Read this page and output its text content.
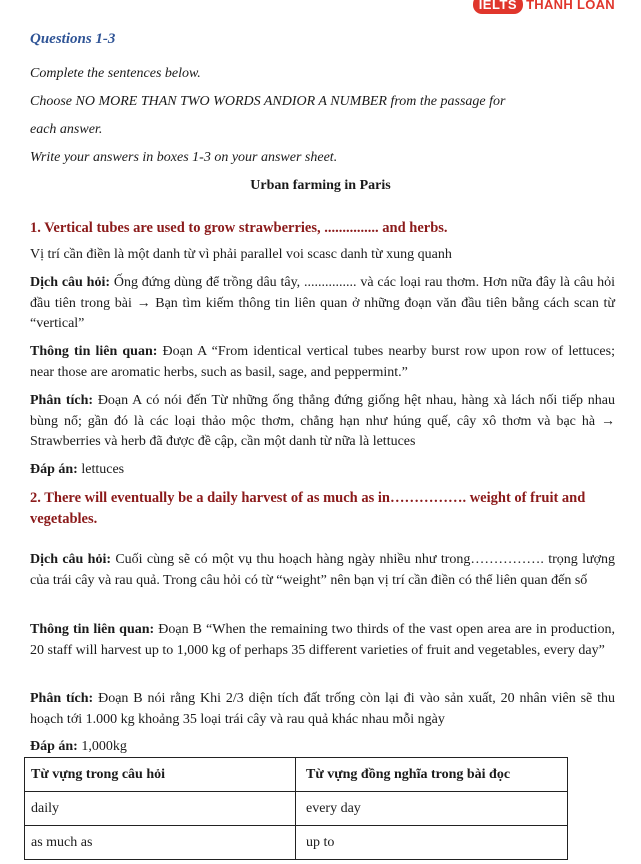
IELTS THANH LOAN
Questions 1-3
Complete the sentences below.
Choose NO MORE THAN TWO WORDS ANDIOR A NUMBER from the passage for
each answer.
Write your answers in boxes 1-3 on your answer sheet.
Urban farming in Paris
1. Vertical tubes are used to grow strawberries, ............... and herbs.
Vị trí cần điền là một danh từ vì phải parallel voi scasc danh từ xung quanh
Dịch câu hỏi: Ống đứng dùng để trồng dâu tây, ............... và các loại rau thơm. Hơn nữa đây là câu hỏi đầu tiên trong bài → Bạn tìm kiếm thông tin liên quan ở những đoạn văn đầu tiên bằng cách scan từ “vertical”
Thông tin liên quan: Đoạn A “From identical vertical tubes nearby burst row upon row of lettuces; near those are aromatic herbs, such as basil, sage, and peppermint.”
Phân tích: Đoạn A có nói đến Từ những ống thẳng đứng giống hệt nhau, hàng xà lách nối tiếp nhau bùng nổ; gần đó là các loại thảo mộc thơm, chẳng hạn như húng quế, cây xô thơm và bạc hà → Strawberries và herb đã được đề cập, cần một danh từ nữa là lettuces
Đáp án: lettuces
2. There will eventually be a daily harvest of as much as in……………. weight of fruit and vegetables.
Dịch câu hỏi: Cuối cùng sẽ có một vụ thu hoạch hàng ngày nhiều như trong……………. trọng lượng của trái cây và rau quả. Trong câu hỏi có từ “weight” nên bạn vị trí cần điền có thể liên quan đến số
Thông tin liên quan: Đoạn B “When the remaining two thirds of the vast open area are in production, 20 staff will harvest up to 1,000 kg of perhaps 35 different varieties of fruit and vegetables, every day”
Phân tích: Đoạn B nói rằng Khi 2/3 diện tích đất trống còn lại đi vào sản xuất, 20 nhân viên sẽ thu hoạch tới 1.000 kg khoảng 35 loại trái cây và rau quả khác nhau mỗi ngày
Đáp án: 1,000kg
Từ vựng trong câu hỏi	Từ vựng đồng nghĩa trong bài đọc
daily	every day
as much as	up to
